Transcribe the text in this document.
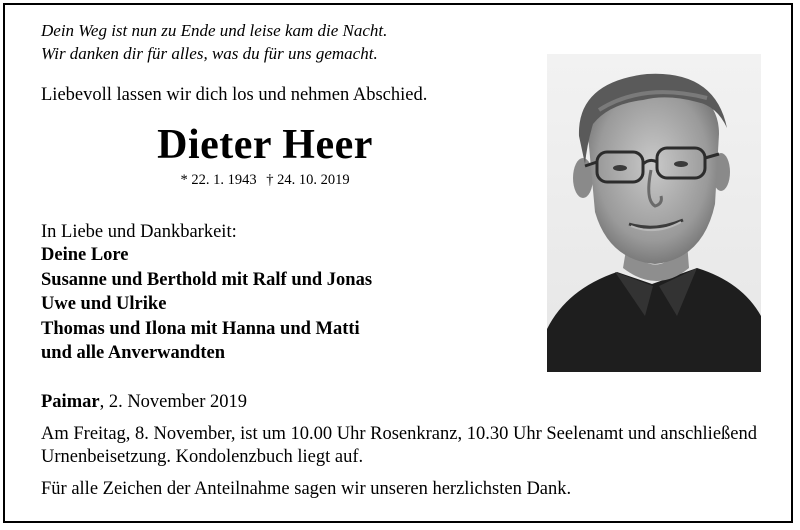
Dein Weg ist nun zu Ende und leise kam die Nacht.
Wir danken dir für alles, was du für uns gemacht.
Liebevoll lassen wir dich los und nehmen Abschied.
Dieter Heer
* 22. 1. 1943 † 24. 10. 2019
In Liebe und Dankbarkeit:
Deine Lore
Susanne und Berthold mit Ralf und Jonas
Uwe und Ulrike
Thomas und Ilona mit Hanna und Matti
und alle Anverwandten
Paimar, 2. November 2019
Am Freitag, 8. November, ist um 10.00 Uhr Rosenkranz, 10.30 Uhr Seelenamt und anschließend Urnenbeisetzung. Kondolenzbuch liegt auf.
Für alle Zeichen der Anteilnahme sagen wir unseren herzlichsten Dank.
